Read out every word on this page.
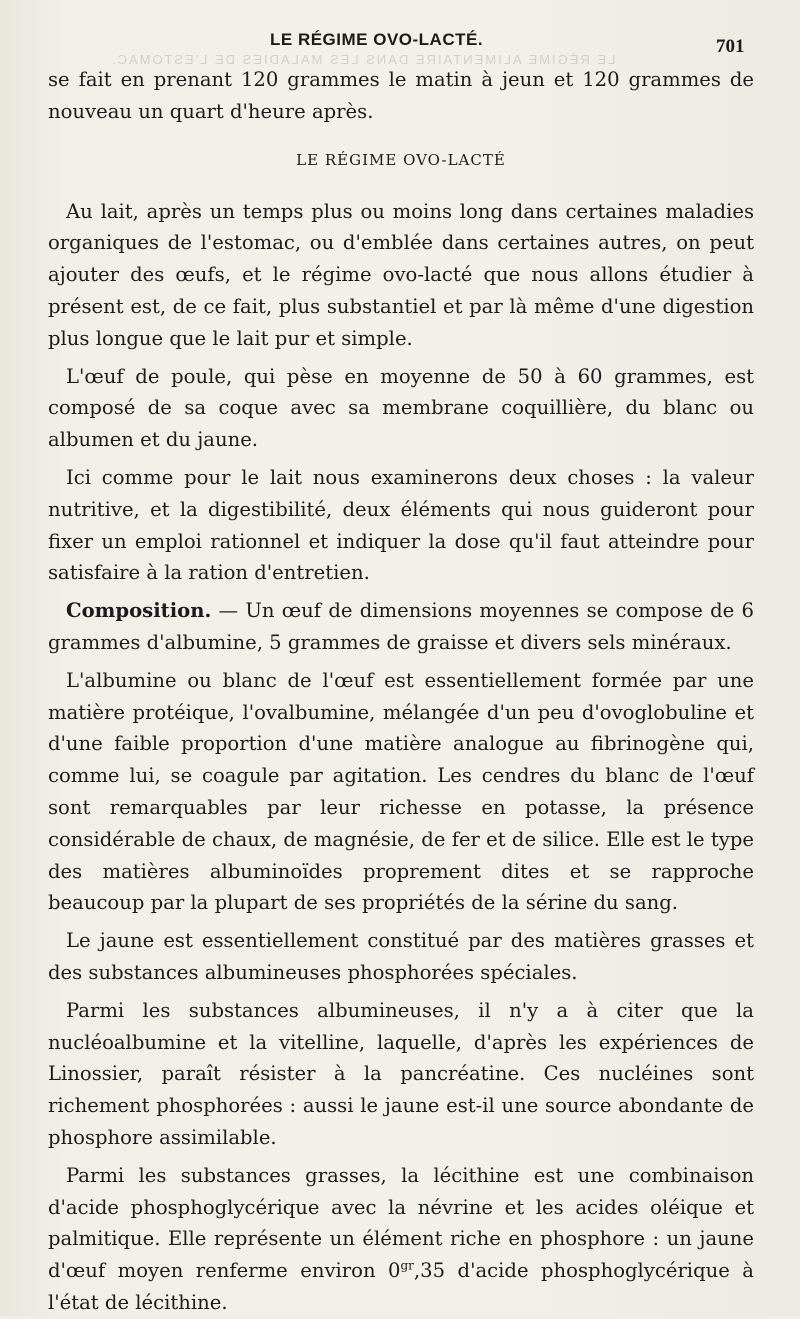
LE RÉGIME ALIMENTAIRE DANS LES MALADIES DE L'ESTOMAC.
LE RÉGIME OVO-LACTÉ.	701

se fait en prenant 120 grammes le matin à jeun et 120 grammes de nouveau un quart d'heure après.

LE RÉGIME OVO-LACTÉ

Au lait, après un temps plus ou moins long dans certaines maladies organiques de l'estomac, ou d'emblée dans certaines autres, on peut ajouter des œufs, et le régime ovo-lacté que nous allons étudier à présent est, de ce fait, plus substantiel et par là même d'une digestion plus longue que le lait pur et simple.

L'œuf de poule, qui pèse en moyenne de 50 à 60 grammes, est composé de sa coque avec sa membrane coquillière, du blanc ou albumen et du jaune.

Ici comme pour le lait nous examinerons deux choses : la valeur nutritive, et la digestibilité, deux éléments qui nous guideront pour fixer un emploi rationnel et indiquer la dose qu'il faut atteindre pour satisfaire à la ration d'entretien.

Composition. — Un œuf de dimensions moyennes se compose de 6 grammes d'albumine, 5 grammes de graisse et divers sels minéraux.

L'albumine ou blanc de l'œuf est essentiellement formée par une matière protéique, l'ovalbumine, mélangée d'un peu d'ovoglobuline et d'une faible proportion d'une matière analogue au fibrinogène qui, comme lui, se coagule par agitation. Les cendres du blanc de l'œuf sont remarquables par leur richesse en potasse, la présence considérable de chaux, de magnésie, de fer et de silice. Elle est le type des matières albuminoïdes proprement dites et se rapproche beaucoup par la plupart de ses propriétés de la sérine du sang.

Le jaune est essentiellement constitué par des matières grasses et des substances albumineuses phosphorées spéciales.

Parmi les substances albumineuses, il n'y a à citer que la nucléoalbumine et la vitelline, laquelle, d'après les expériences de Linossier, paraît résister à la pancréatine. Ces nucléines sont richement phosphorées : aussi le jaune est-il une source abondante de phosphore assimilable.

Parmi les substances grasses, la lécithine est une combinaison d'acide phosphoglycérique avec la névrine et les acides oléique et palmitique. Elle représente un élément riche en phosphore : un jaune d'œuf moyen renferme environ $0^{gr},35$ d'acide phosphoglycérique à l'état de lécithine.
